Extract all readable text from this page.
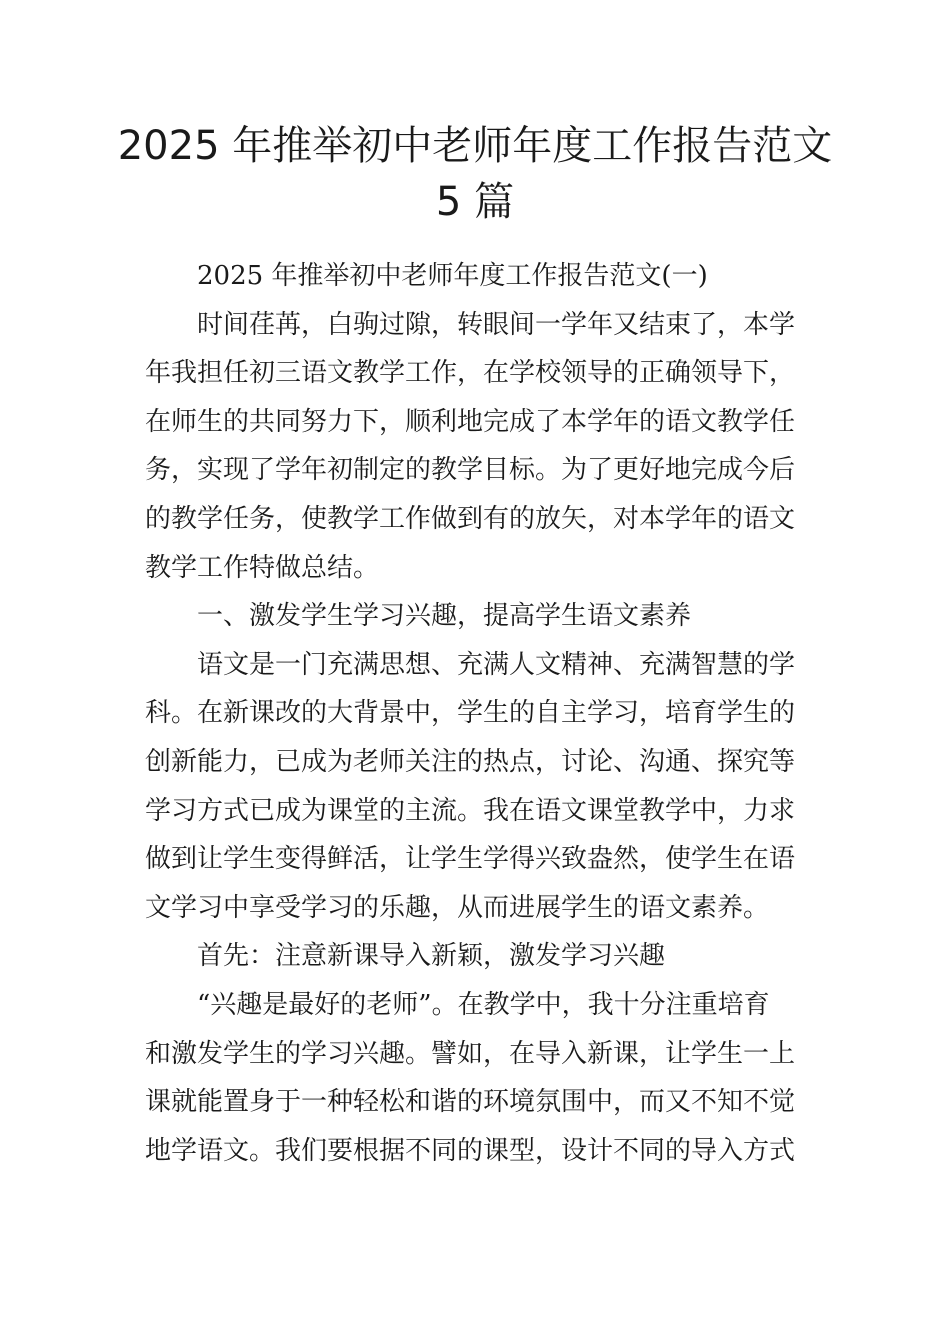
2025 年推举初中老师年度工作报告范文
5 篇
2025 年推举初中老师年度工作报告范文(一)
时间荏苒，白驹过隙，转眼间一学年又结束了，本学
年我担任初三语文教学工作，在学校领导的正确领导下，
在师生的共同努力下，顺利地完成了本学年的语文教学任
务，实现了学年初制定的教学目标。为了更好地完成今后
的教学任务，使教学工作做到有的放矢，对本学年的语文
教学工作特做总结。
一、激发学生学习兴趣，提高学生语文素养
语文是一门充满思想、充满人文精神、充满智慧的学
科。在新课改的大背景中，学生的自主学习，培育学生的
创新能力，已成为老师关注的热点，讨论、沟通、探究等
学习方式已成为课堂的主流。我在语文课堂教学中，力求
做到让学生变得鲜活，让学生学得兴致盎然，使学生在语
文学习中享受学习的乐趣，从而进展学生的语文素养。
首先：注意新课导入新颖，激发学习兴趣
“兴趣是最好的老师”。在教学中，我十分注重培育
和激发学生的学习兴趣。譬如，在导入新课，让学生一上
课就能置身于一种轻松和谐的环境氛围中，而又不知不觉
地学语文。我们要根据不同的课型，设计不同的导入方式
